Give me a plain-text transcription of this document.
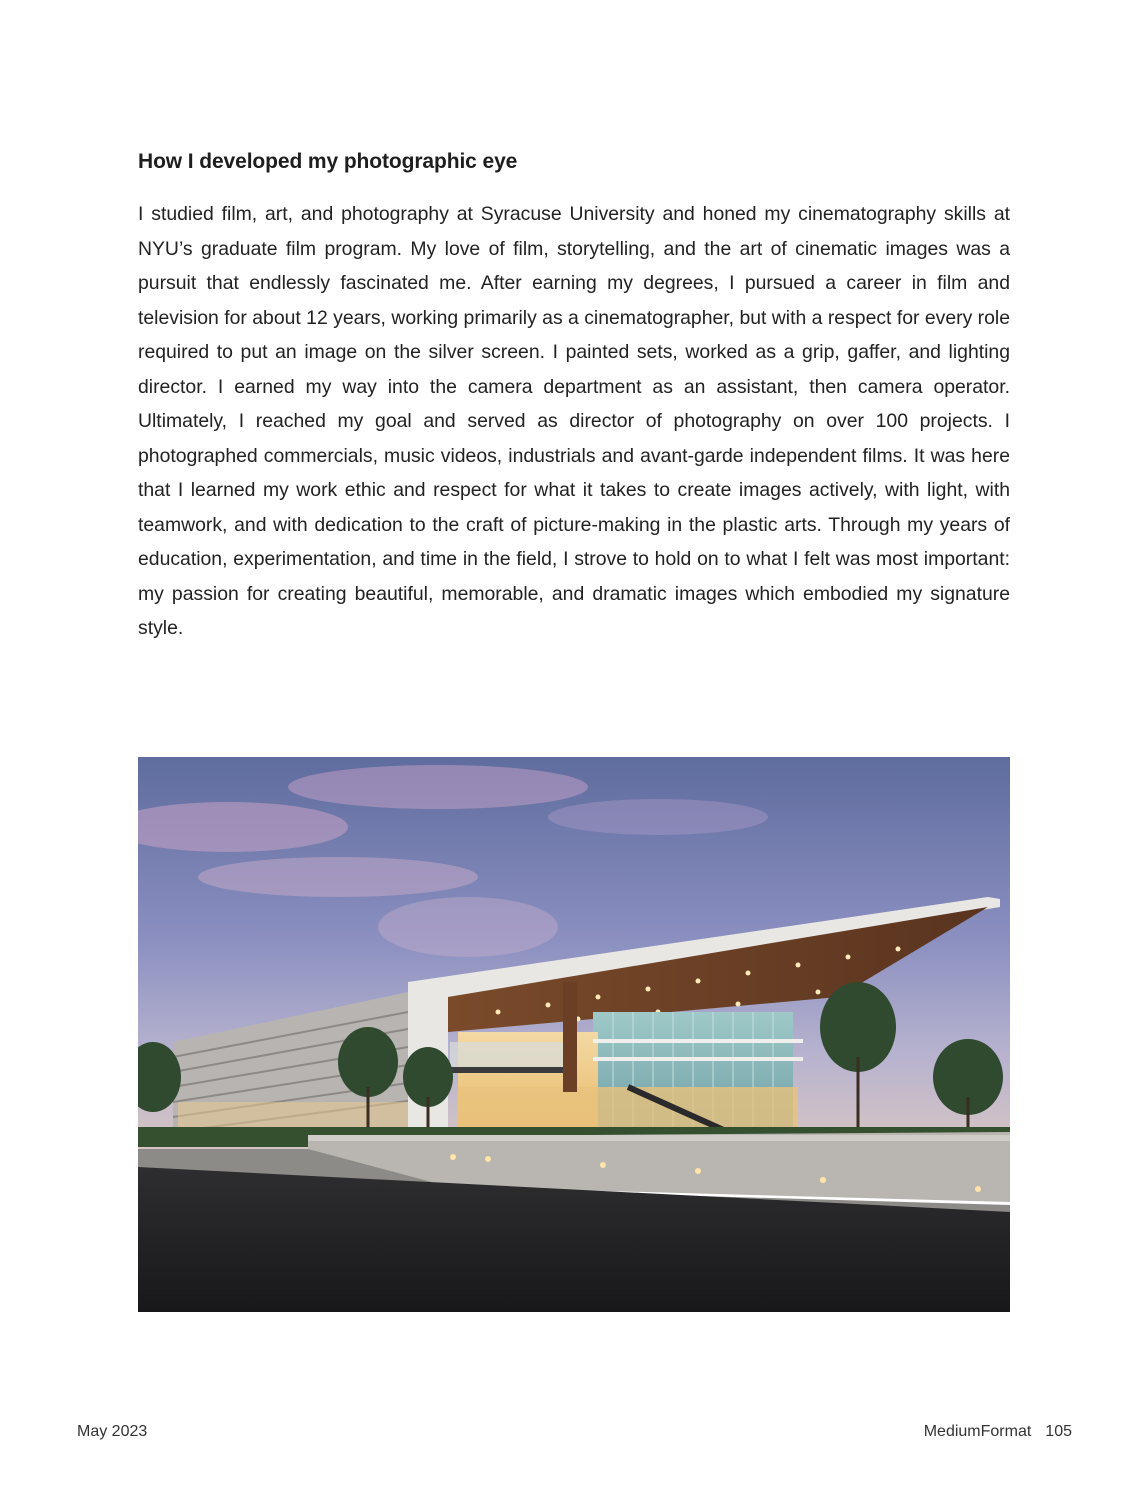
How I developed my photographic eye
I studied film, art, and photography at Syracuse University and honed my cinematography skills at NYU’s graduate film program. My love of film, storytelling, and the art of cinematic images was a pursuit that endlessly fascinated me. After earning my degrees, I pursued a career in film and television for about 12 years, working primarily as a cinematographer, but with a respect for every role required to put an image on the silver screen. I painted sets, worked as a grip, gaffer, and lighting director. I earned my way into the camera department as an assistant, then camera operator. Ultimately, I reached my goal and served as director of photography on over 100 projects. I photographed commercials, music videos, industrials and avant-garde independent films. It was here that I learned my work ethic and respect for what it takes to create images actively, with light, with teamwork, and with dedication to the craft of picture-making in the plastic arts. Through my years of education, experimentation, and time in the field, I strove to hold on to what I felt was most important: my passion for creating beautiful, memorable, and dramatic images which embodied my signature style.
May 2023	MediumFormat 105
